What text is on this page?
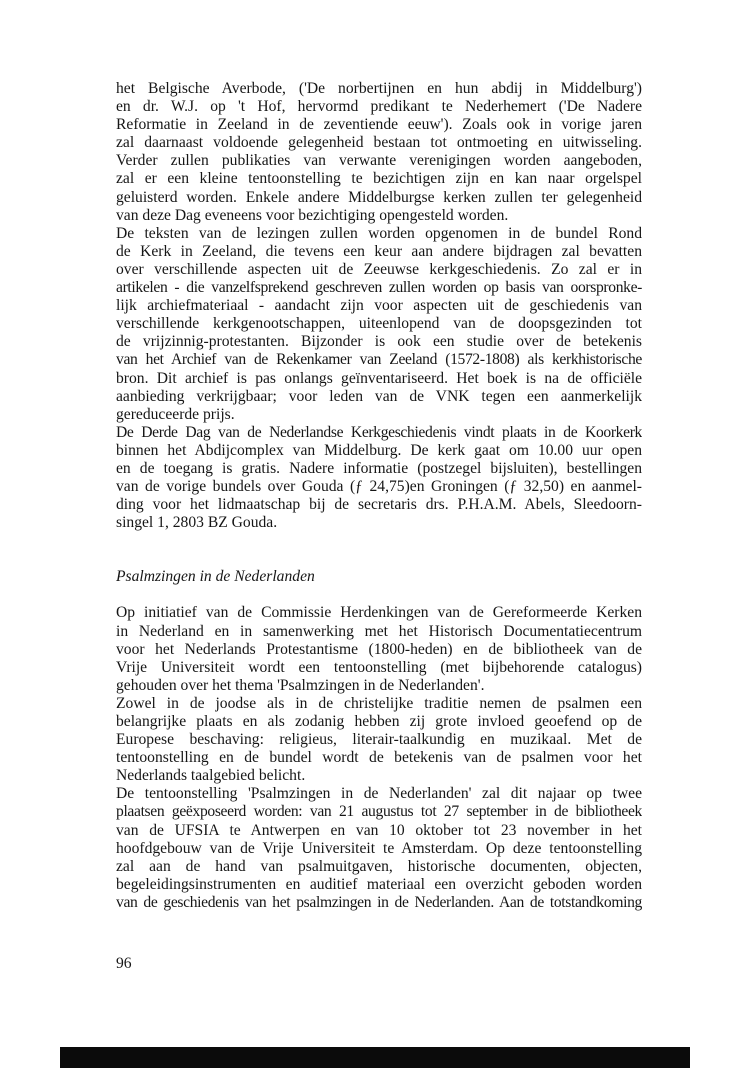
het Belgische Averbode, ('De norbertijnen en hun abdij in Middelburg')
en dr. W.J. op 't Hof, hervormd predikant te Nederhemert ('De Nadere
Reformatie in Zeeland in de zeventiende eeuw'). Zoals ook in vorige jaren
zal daarnaast voldoende gelegenheid bestaan tot ontmoeting en uitwisseling.
Verder zullen publikaties van verwante verenigingen worden aangeboden,
zal er een kleine tentoonstelling te bezichtigen zijn en kan naar orgelspel
geluisterd worden. Enkele andere Middelburgse kerken zullen ter gelegenheid
van deze Dag eveneens voor bezichtiging opengesteld worden.
De teksten van de lezingen zullen worden opgenomen in de bundel Rond
de Kerk in Zeeland, die tevens een keur aan andere bijdragen zal bevatten
over verschillende aspecten uit de Zeeuwse kerkgeschiedenis. Zo zal er in
artikelen - die vanzelfsprekend geschreven zullen worden op basis van oorspronke-
lijk archiefmateriaal - aandacht zijn voor aspecten uit de geschiedenis van
verschillende kerkgenootschappen, uiteenlopend van de doopsgezinden tot
de vrijzinnig-protestanten. Bijzonder is ook een studie over de betekenis
van het Archief van de Rekenkamer van Zeeland (1572-1808) als kerkhistorische
bron. Dit archief is pas onlangs geïnventariseerd. Het boek is na de officiële
aanbieding verkrijgbaar; voor leden van de VNK tegen een aanmerkelijk
gereduceerde prijs.
De Derde Dag van de Nederlandse Kerkgeschiedenis vindt plaats in de Koorkerk
binnen het Abdijcomplex van Middelburg. De kerk gaat om 10.00 uur open
en de toegang is gratis. Nadere informatie (postzegel bijsluiten), bestellingen
van de vorige bundels over Gouda (ƒ 24,75)en Groningen (ƒ 32,50) en aanmel-
ding voor het lidmaatschap bij de secretaris drs. P.H.A.M. Abels, Sleedoorn-
singel 1, 2803 BZ Gouda.
Psalmzingen in de Nederlanden
Op initiatief van de Commissie Herdenkingen van de Gereformeerde Kerken
in Nederland en in samenwerking met het Historisch Documentatiecentrum
voor het Nederlands Protestantisme (1800-heden) en de bibliotheek van de
Vrije Universiteit wordt een tentoonstelling (met bijbehorende catalogus)
gehouden over het thema 'Psalmzingen in de Nederlanden'.
Zowel in de joodse als in de christelijke traditie nemen de psalmen een
belangrijke plaats en als zodanig hebben zij grote invloed geoefend op de
Europese beschaving: religieus, literair-taalkundig en muzikaal. Met de
tentoonstelling en de bundel wordt de betekenis van de psalmen voor het
Nederlands taalgebied belicht.
De tentoonstelling 'Psalmzingen in de Nederlanden' zal dit najaar op twee
plaatsen geëxposeerd worden: van 21 augustus tot 27 september in de bibliotheek
van de UFSIA te Antwerpen en van 10 oktober tot 23 november in het
hoofdgebouw van de Vrije Universiteit te Amsterdam. Op deze tentoonstelling
zal aan de hand van psalmuitgaven, historische documenten, objecten,
begeleidingsinstrumenten en auditief materiaal een overzicht geboden worden
van de geschiedenis van het psalmzingen in de Nederlanden. Aan de totstandkoming
96
